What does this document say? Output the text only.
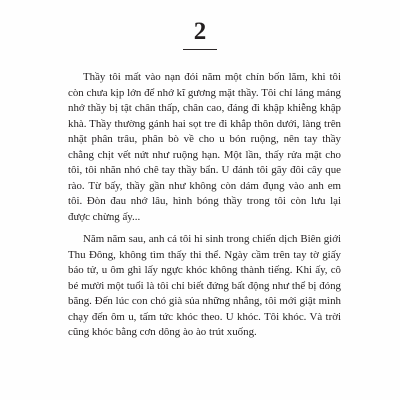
2

Thầy tôi mất vào nạn đói năm một chín bốn lăm, khi tôi còn chưa kịp lớn để nhớ kĩ gương mặt thầy. Tôi chỉ láng máng nhớ thầy bị tật chân thấp, chân cao, đáng đi khập khiễng khập khà. Thầy thường gánh hai sọt tre đi khắp thôn dưới, làng trên nhặt phân trâu, phân bò về cho u bón ruộng, nên tay thầy chằng chịt vết nứt như ruộng hạn. Một lần, thấy rửa mặt cho tôi, tôi nhăn nhó chê tay thầy bẩn. U đánh tôi gãy đôi cây que rào. Từ bấy, thầy gần như không còn dám đụng vào anh em tôi. Đòn đau nhớ lâu, hình bóng thầy trong tôi còn lưu lại được chừng ấy...

Năm năm sau, anh cả tôi hi sinh trong chiến dịch Biên giới Thu Đông, không tìm thấy thi thể. Ngày cầm trên tay tờ giấy báo tử, u ôm ghì lấy ngực khóc không thành tiếng. Khi ấy, cô bé mười một tuổi là tôi chỉ biết đứng bất động như thể bị đóng băng. Đến lúc con chó già sủa những nhẳng, tôi mới giật mình chạy đến ôm u, tấm tức khóc theo. U khóc. Tôi khóc. Và trời cũng khóc bằng cơn dông ào ào trút xuống.
